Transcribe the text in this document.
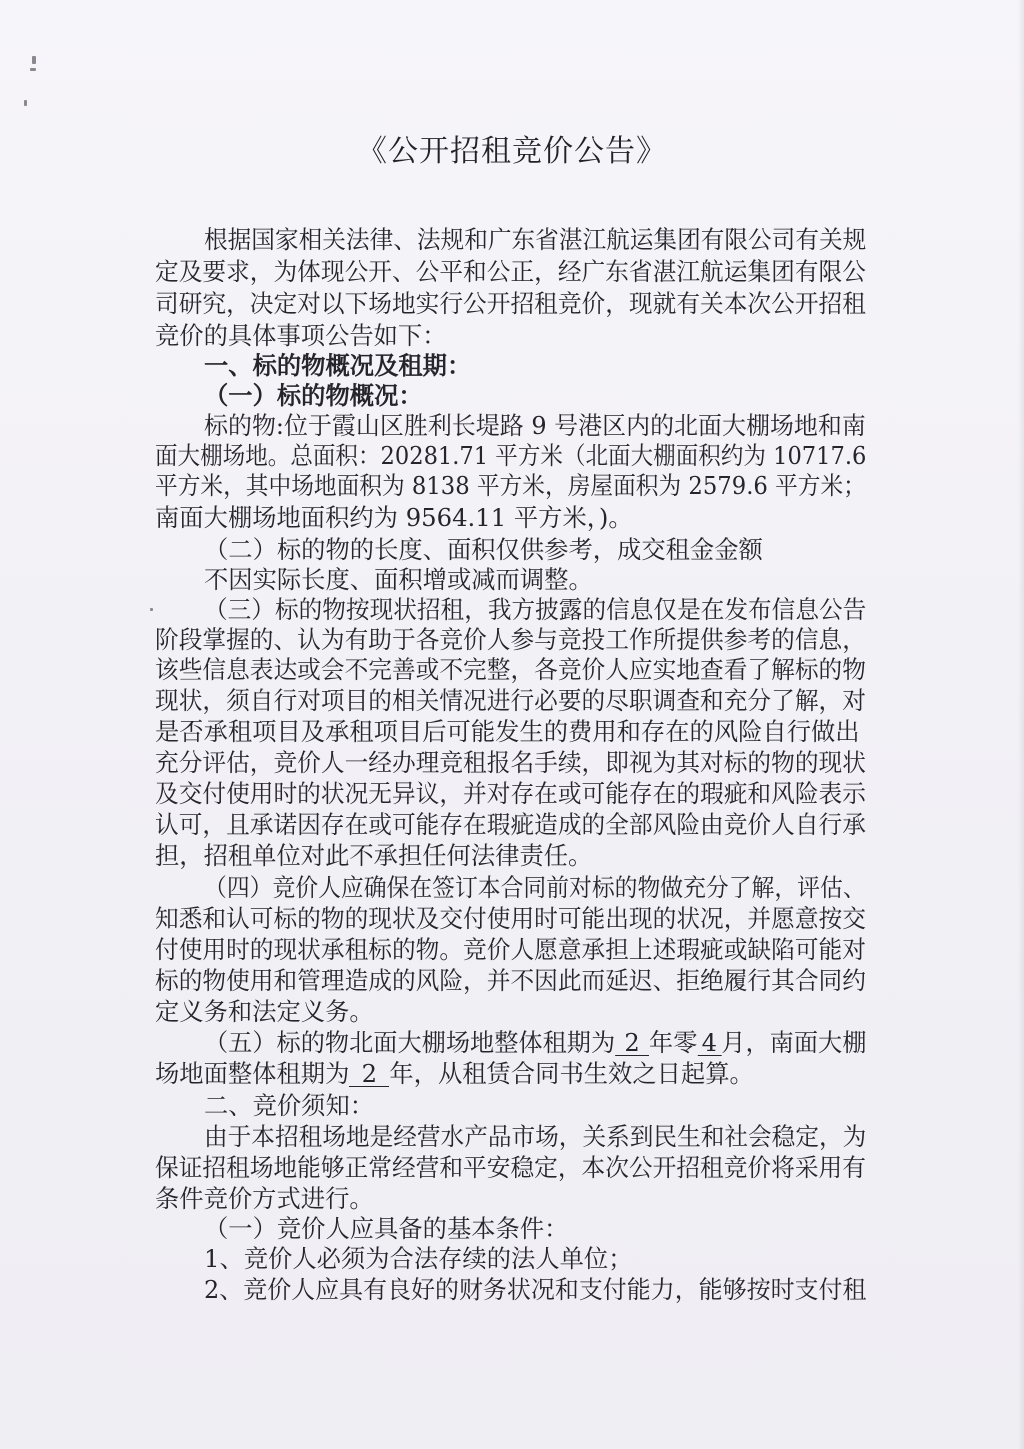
《公开招租竞价公告》
根据国家相关法律、法规和广东省湛江航运集团有限公司有关规
定及要求，为体现公开、公平和公正，经广东省湛江航运集团有限公
司研究，决定对以下场地实行公开招租竞价，现就有关本次公开招租
竞价的具体事项公告如下：
一、标的物概况及租期：
（一）标的物概况：
标的物:位于霞山区胜利长堤路 9 号港区内的北面大棚场地和南
面大棚场地。总面积：20281.71 平方米（北面大棚面积约为 10717.6
平方米，其中场地面积为 8138 平方米，房屋面积为 2579.6 平方米；
南面大棚场地面积约为 9564.11 平方米，)。
（二）标的物的长度、面积仅供参考，成交租金金额
不因实际长度、面积增或减而调整。
（三）标的物按现状招租，我方披露的信息仅是在发布信息公告
阶段掌握的、认为有助于各竞价人参与竞投工作所提供参考的信息，
该些信息表达或会不完善或不完整，各竞价人应实地查看了解标的物
现状，须自行对项目的相关情况进行必要的尽职调查和充分了解，对
是否承租项目及承租项目后可能发生的费用和存在的风险自行做出
充分评估，竞价人一经办理竞租报名手续，即视为其对标的物的现状
及交付使用时的状况无异议，并对存在或可能存在的瑕疵和风险表示
认可，且承诺因存在或可能存在瑕疵造成的全部风险由竞价人自行承
担，招租单位对此不承担任何法律责任。
（四）竞价人应确保在签订本合同前对标的物做充分了解，评估、
知悉和认可标的物的现状及交付使用时可能出现的状况，并愿意按交
付使用时的现状承租标的物。竞价人愿意承担上述瑕疵或缺陷可能对
标的物使用和管理造成的风险，并不因此而延迟、拒绝履行其合同约
定义务和法定义务。
（五）标的物北面大棚场地整体租期为 2 年零 4 月，南面大棚
场地面整体租期为 2 年，从租赁合同书生效之日起算。
二、竞价须知：
由于本招租场地是经营水产品市场，关系到民生和社会稳定，为
保证招租场地能够正常经营和平安稳定，本次公开招租竞价将采用有
条件竞价方式进行。
（一）竞价人应具备的基本条件：
1、竞价人必须为合法存续的法人单位；
2、竞价人应具有良好的财务状况和支付能力，能够按时支付租
